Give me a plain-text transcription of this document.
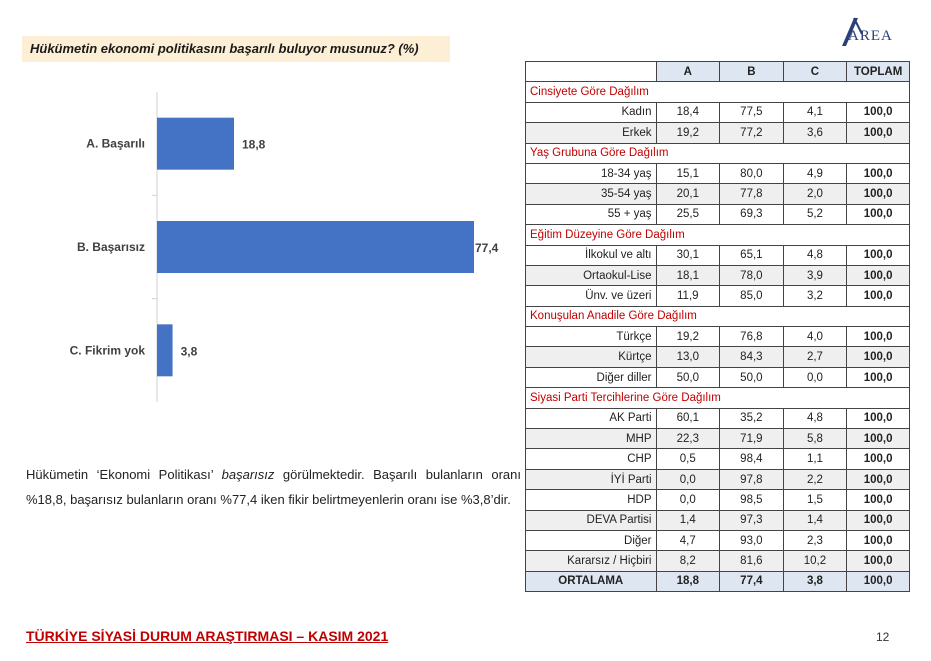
Hükümetin ekonomi politikasını başarılı buluyor musunuz? (%)
AREA
A. Başarılı	18,8
B. Başarısız	77,4
C. Fikrim yok	3,8
Hükümetin ‘Ekonomi Politikası’ başarısız görülmektedir. Başarılı bulanların oranı %18,8, başarısız bulanların oranı %77,4 iken fikir belirtmeyenlerin oranı ise %3,8’dir.
	A	B	C	TOPLAM
Cinsiyete Göre Dağılım				
Kadın	18,4	77,5	4,1	100,0
Erkek	19,2	77,2	3,6	100,0
Yaş Grubuna Göre Dağılım				
18-34 yaş	15,1	80,0	4,9	100,0
35-54 yaş	20,1	77,8	2,0	100,0
55 + yaş	25,5	69,3	5,2	100,0
Eğitim Düzeyine Göre Dağılım				
İlkokul ve altı	30,1	65,1	4,8	100,0
Ortaokul-Lise	18,1	78,0	3,9	100,0
Ünv. ve üzeri	11,9	85,0	3,2	100,0
Konuşulan Anadile Göre Dağılım				
Türkçe	19,2	76,8	4,0	100,0
Kürtçe	13,0	84,3	2,7	100,0
Diğer diller	50,0	50,0	0,0	100,0
Siyasi Parti Tercihlerine Göre Dağılım				
AK Parti	60,1	35,2	4,8	100,0
MHP	22,3	71,9	5,8	100,0
CHP	0,5	98,4	1,1	100,0
İYİ Parti	0,0	97,8	2,2	100,0
HDP	0,0	98,5	1,5	100,0
DEVA Partisi	1,4	97,3	1,4	100,0
Diğer	4,7	93,0	2,3	100,0
Kararsız / Hiçbiri	8,2	81,6	10,2	100,0
ORTALAMA	18,8	77,4	3,8	100,0
TÜRKİYE SİYASİ DURUM ARAŞTIRMASI – KASIM 2021	12
